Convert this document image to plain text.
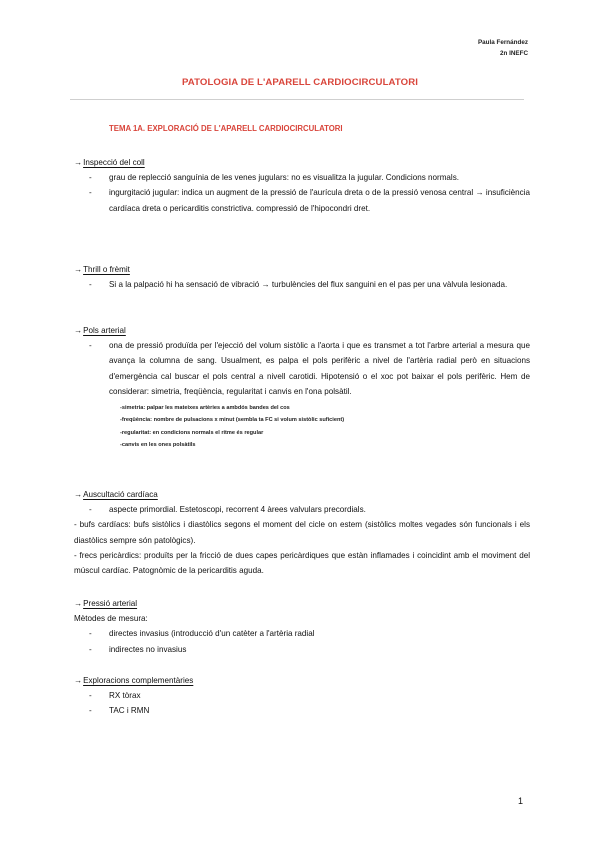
Paula Fernández
2n INEFC
PATOLOGIA DE L'APARELL CARDIOCIRCULATORI
TEMA 1A. EXPLORACIÓ DE L'APARELL CARDIOCIRCULATORI
→Inspecció del coll
- grau de replecció sanguínia de les venes jugulars: no es visualitza la jugular. Condicions normals.
- ingurgitació jugular: indica un augment de la pressió de l'aurícula dreta o de la pressió venosa central → insuficiència cardíaca dreta o pericarditis constrictiva. compressió de l'hipocondri dret.
→Thrill o frèmit
- Si a la palpació hi ha sensació de vibració → turbulències del flux sanguini en el pas per una vàlvula lesionada.
→Pols arterial
- ona de pressió produïda per l'ejecció del volum sistòlic a l'aorta i que es transmet a tot l'arbre arterial a mesura que avança la columna de sang. Usualment, es palpa el pols perifèric a nivel de l'artèria radial però en situacions d'emergència cal buscar el pols central a nivell carotidi. Hipotensió o el xoc pot baixar el pols perifèric. Hem de considerar: simetria, freqüència, regularitat i canvis en l'ona polsàtil.
-simetria: palpar les mateixes artèries a ambdós bandes del cos
-freqüència: nombre de pulsacions x minut (sembla ta FC si volum sistòlic suficient)
-regularitat: en condicions normals el ritme és regular
-canvis en les ones polsàtils
→Auscultació cardíaca
- aspecte primordial. Estetoscopi, recorrent 4 àrees valvulars precordials.
- bufs cardíacs: bufs sistòlics i diastòlics segons el moment del cicle on estem (sistòlics moltes vegades són funcionals i els diastòlics sempre són patològics).
- frecs pericàrdics: produïts per la fricció de dues capes pericàrdiques que estàn inflamades i coincidint amb el moviment del múscul cardíac. Patognòmic de la pericarditis aguda.
→Pressió arterial
Mètodes de mesura:
- directes invasius (introducció d'un catèter a l'artèria radial
- indirectes no invasius
→Exploracions complementàries
- RX tòrax
- TAC i RMN
1
